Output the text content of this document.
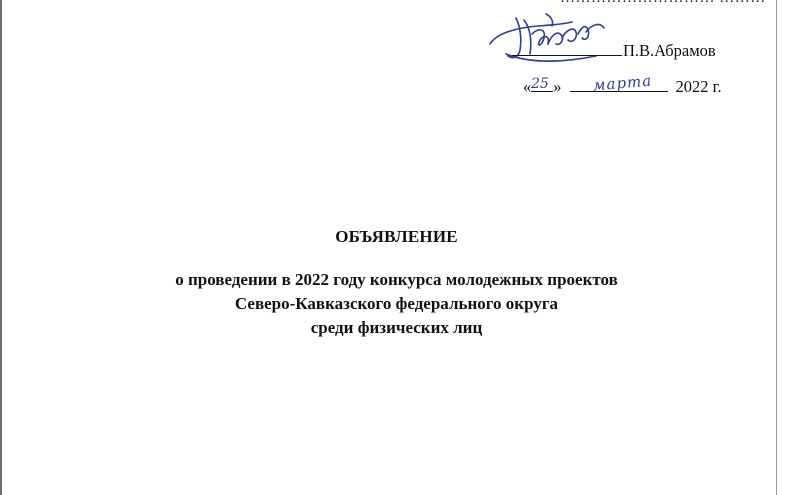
П.В.Абрамов
« »	2022 г.
25	марта
ОБЪЯВЛЕНИЕ
о проведении в 2022 году конкурса молодежных проектов
Северо-Кавказского федерального округа
среди физических лиц
